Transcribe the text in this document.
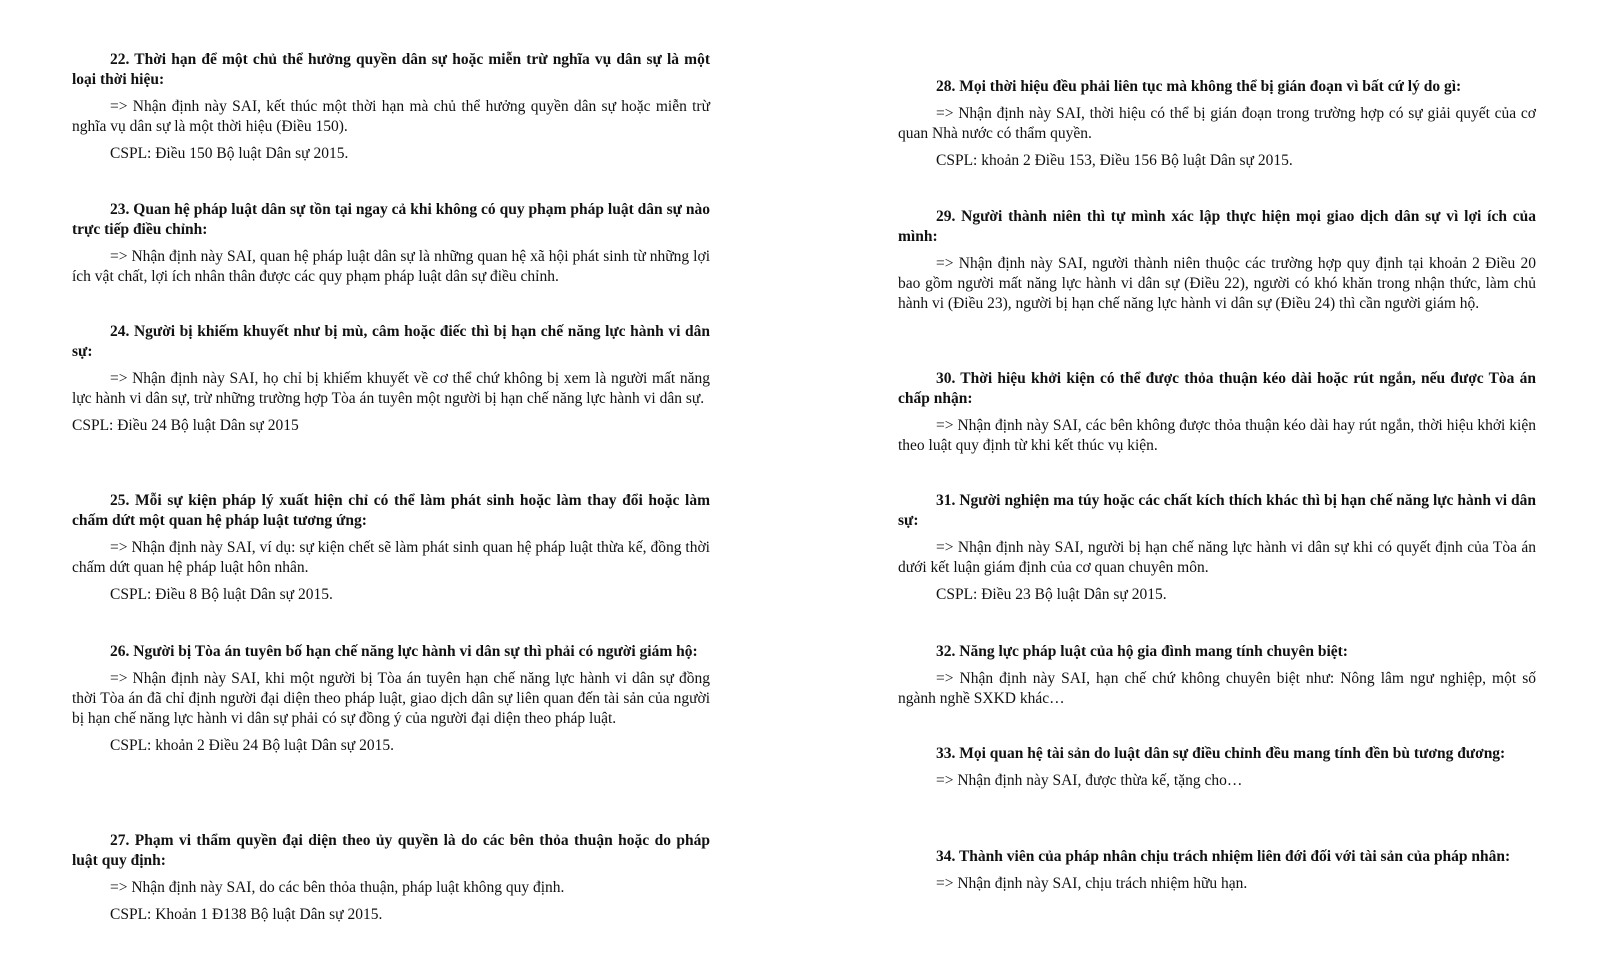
22. Thời hạn để một chủ thể hưởng quyền dân sự hoặc miễn trừ nghĩa vụ dân sự là một loại thời hiệu:

=> Nhận định này SAI, kết thúc một thời hạn mà chủ thể hưởng quyền dân sự hoặc miễn trừ nghĩa vụ dân sự là một thời hiệu (Điều 150).

CSPL: Điều 150 Bộ luật Dân sự 2015.

23. Quan hệ pháp luật dân sự tồn tại ngay cả khi không có quy phạm pháp luật dân sự nào trực tiếp điều chỉnh:

=> Nhận định này SAI, quan hệ pháp luật dân sự là những quan hệ xã hội phát sinh từ những lợi ích vật chất, lợi ích nhân thân được các quy phạm pháp luật dân sự điều chỉnh.

24. Người bị khiếm khuyết như bị mù, câm hoặc điếc thì bị hạn chế năng lực hành vi dân sự:

=> Nhận định này SAI, họ chỉ bị khiếm khuyết về cơ thể chứ không bị xem là người mất năng lực hành vi dân sự, trừ những trường hợp Tòa án tuyên một người bị hạn chế năng lực hành vi dân sự.

CSPL: Điều 24 Bộ luật Dân sự 2015

25. Mỗi sự kiện pháp lý xuất hiện chỉ có thể làm phát sinh hoặc làm thay đổi hoặc làm chấm dứt một quan hệ pháp luật tương ứng:

=> Nhận định này SAI, ví dụ: sự kiện chết sẽ làm phát sinh quan hệ pháp luật thừa kế, đồng thời chấm dứt quan hệ pháp luật hôn nhân.

CSPL: Điều 8 Bộ luật Dân sự 2015.

26. Người bị Tòa án tuyên bố hạn chế năng lực hành vi dân sự thì phải có người giám hộ:

=> Nhận định này SAI, khi một người bị Tòa án tuyên hạn chế năng lực hành vi dân sự đồng thời Tòa án đã chỉ định người đại diện theo pháp luật, giao dịch dân sự liên quan đến tài sản của người bị hạn chế năng lực hành vi dân sự phải có sự đồng ý của người đại diện theo pháp luật.

CSPL: khoản 2 Điều 24 Bộ luật Dân sự 2015.

27. Phạm vi thẩm quyền đại diện theo ủy quyền là do các bên thỏa thuận hoặc do pháp luật quy định:

=> Nhận định này SAI, do các bên thỏa thuận, pháp luật không quy định.

CSPL: Khoản 1 Đ138 Bộ luật Dân sự 2015.

28. Mọi thời hiệu đều phải liên tục mà không thể bị gián đoạn vì bất cứ lý do gì:

=> Nhận định này SAI, thời hiệu có thể bị gián đoạn trong trường hợp có sự giải quyết của cơ quan Nhà nước có thẩm quyền.

CSPL: khoản 2 Điều 153, Điều 156 Bộ luật Dân sự 2015.

29. Người thành niên thì tự mình xác lập thực hiện mọi giao dịch dân sự vì lợi ích của mình:

=> Nhận định này SAI, người thành niên thuộc các trường hợp quy định tại khoản 2 Điều 20 bao gồm người mất năng lực hành vi dân sự (Điều 22), người có khó khăn trong nhận thức, làm chủ hành vi (Điều 23), người bị hạn chế năng lực hành vi dân sự (Điều 24) thì cần người giám hộ.

30. Thời hiệu khởi kiện có thể được thỏa thuận kéo dài hoặc rút ngắn, nếu được Tòa án chấp nhận:

=> Nhận định này SAI, các bên không được thỏa thuận kéo dài hay rút ngắn, thời hiệu khởi kiện theo luật quy định từ khi kết thúc vụ kiện.

31. Người nghiện ma túy hoặc các chất kích thích khác thì bị hạn chế năng lực hành vi dân sự:

=> Nhận định này SAI, người bị hạn chế năng lực hành vi dân sự khi có quyết định của Tòa án dưới kết luận giám định của cơ quan chuyên môn.

CSPL: Điều 23 Bộ luật Dân sự 2015.

32. Năng lực pháp luật của hộ gia đình mang tính chuyên biệt:

=> Nhận định này SAI, hạn chế chứ không chuyên biệt như: Nông lâm ngư nghiệp, một số ngành nghề SXKD khác…

33. Mọi quan hệ tài sản do luật dân sự điều chỉnh đều mang tính đền bù tương đương:

=> Nhận định này SAI, được thừa kế, tặng cho…

34. Thành viên của pháp nhân chịu trách nhiệm liên đới đối với tài sản của pháp nhân:

=> Nhận định này SAI, chịu trách nhiệm hữu hạn.
